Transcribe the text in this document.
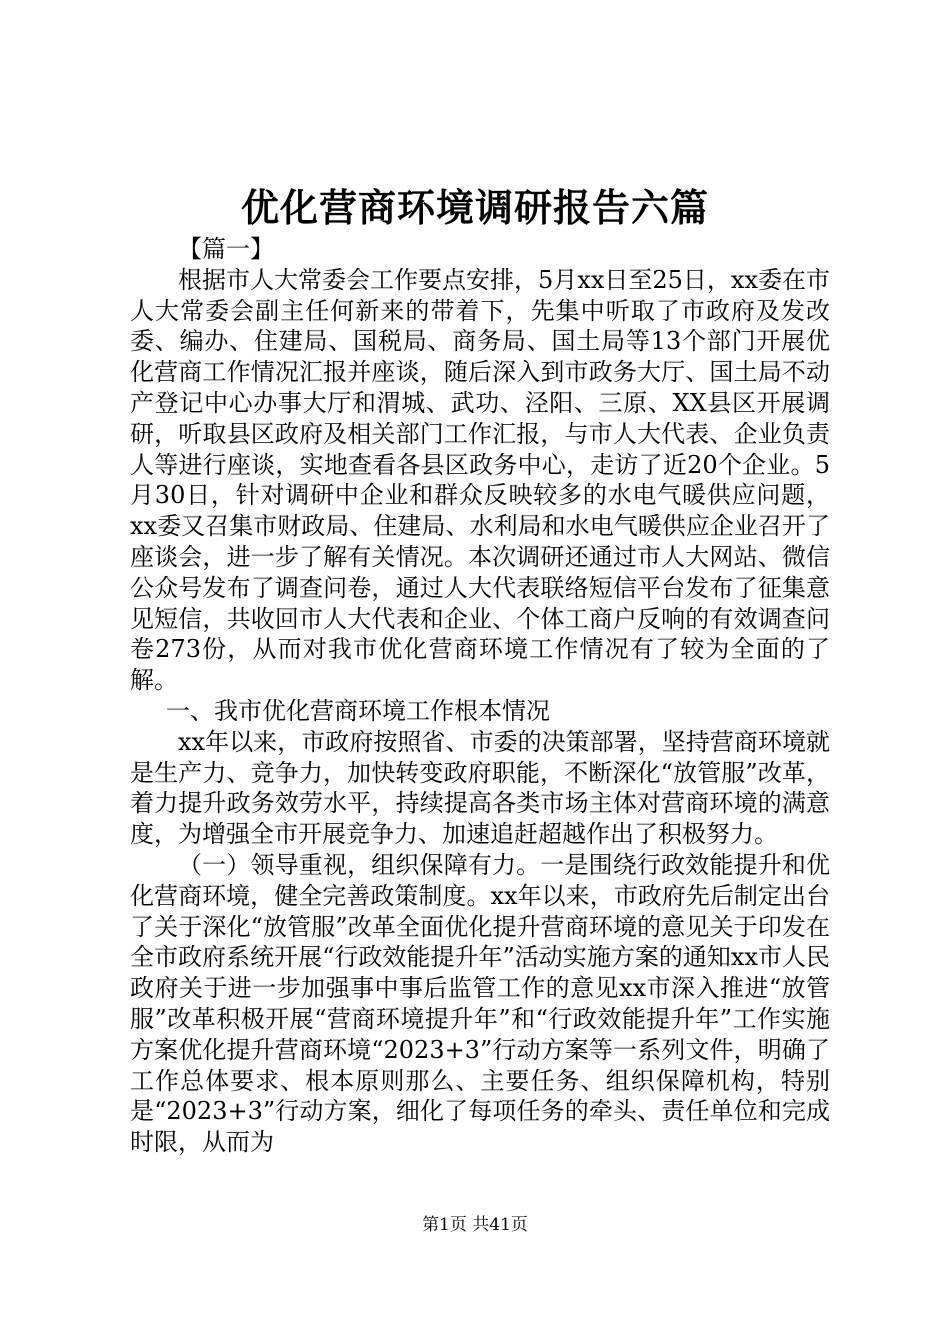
优化营商环境调研报告六篇

【篇一】

根据市人大常委会工作要点安排，5月xx日至25日，xx委在市人大常委会副主任何新来的带着下，先集中听取了市政府及发改委、编办、住建局、国税局、商务局、国土局等13个部门开展优化营商工作情况汇报并座谈，随后深入到市政务大厅、国土局不动产登记中心办事大厅和渭城、武功、泾阳、三原、XX县区开展调研，听取县区政府及相关部门工作汇报，与市人大代表、企业负责人等进行座谈，实地查看各县区政务中心，走访了近20个企业。5月30日，针对调研中企业和群众反映较多的水电气暖供应问题，xx委又召集市财政局、住建局、水利局和水电气暖供应企业召开了座谈会，进一步了解有关情况。本次调研还通过市人大网站、微信公众号发布了调查问卷，通过人大代表联络短信平台发布了征集意见短信，共收回市人大代表和企业、个体工商户反响的有效调查问卷273份，从而对我市优化营商环境工作情况有了较为全面的了解。

一、我市优化营商环境工作根本情况

xx年以来，市政府按照省、市委的决策部署，坚持营商环境就是生产力、竞争力，加快转变政府职能，不断深化“放管服”改革，着力提升政务效劳水平，持续提高各类市场主体对营商环境的满意度，为增强全市开展竞争力、加速追赶超越作出了积极努力。

（一）领导重视，组织保障有力。一是围绕行政效能提升和优化营商环境，健全完善政策制度。xx年以来，市政府先后制定出台了关于深化“放管服”改革全面优化提升营商环境的意见关于印发在全市政府系统开展“行政效能提升年”活动实施方案的通知xx市人民政府关于进一步加强事中事后监管工作的意见xx市深入推进“放管服”改革积极开展“营商环境提升年”和“行政效能提升年”工作实施方案优化提升营商环境“2023+3”行动方案等一系列文件，明确了工作总体要求、根本原则那么、主要任务、组织保障机构，特别是“2023+3”行动方案，细化了每项任务的牵头、责任单位和完成时限，从而为

第1页 共41页
